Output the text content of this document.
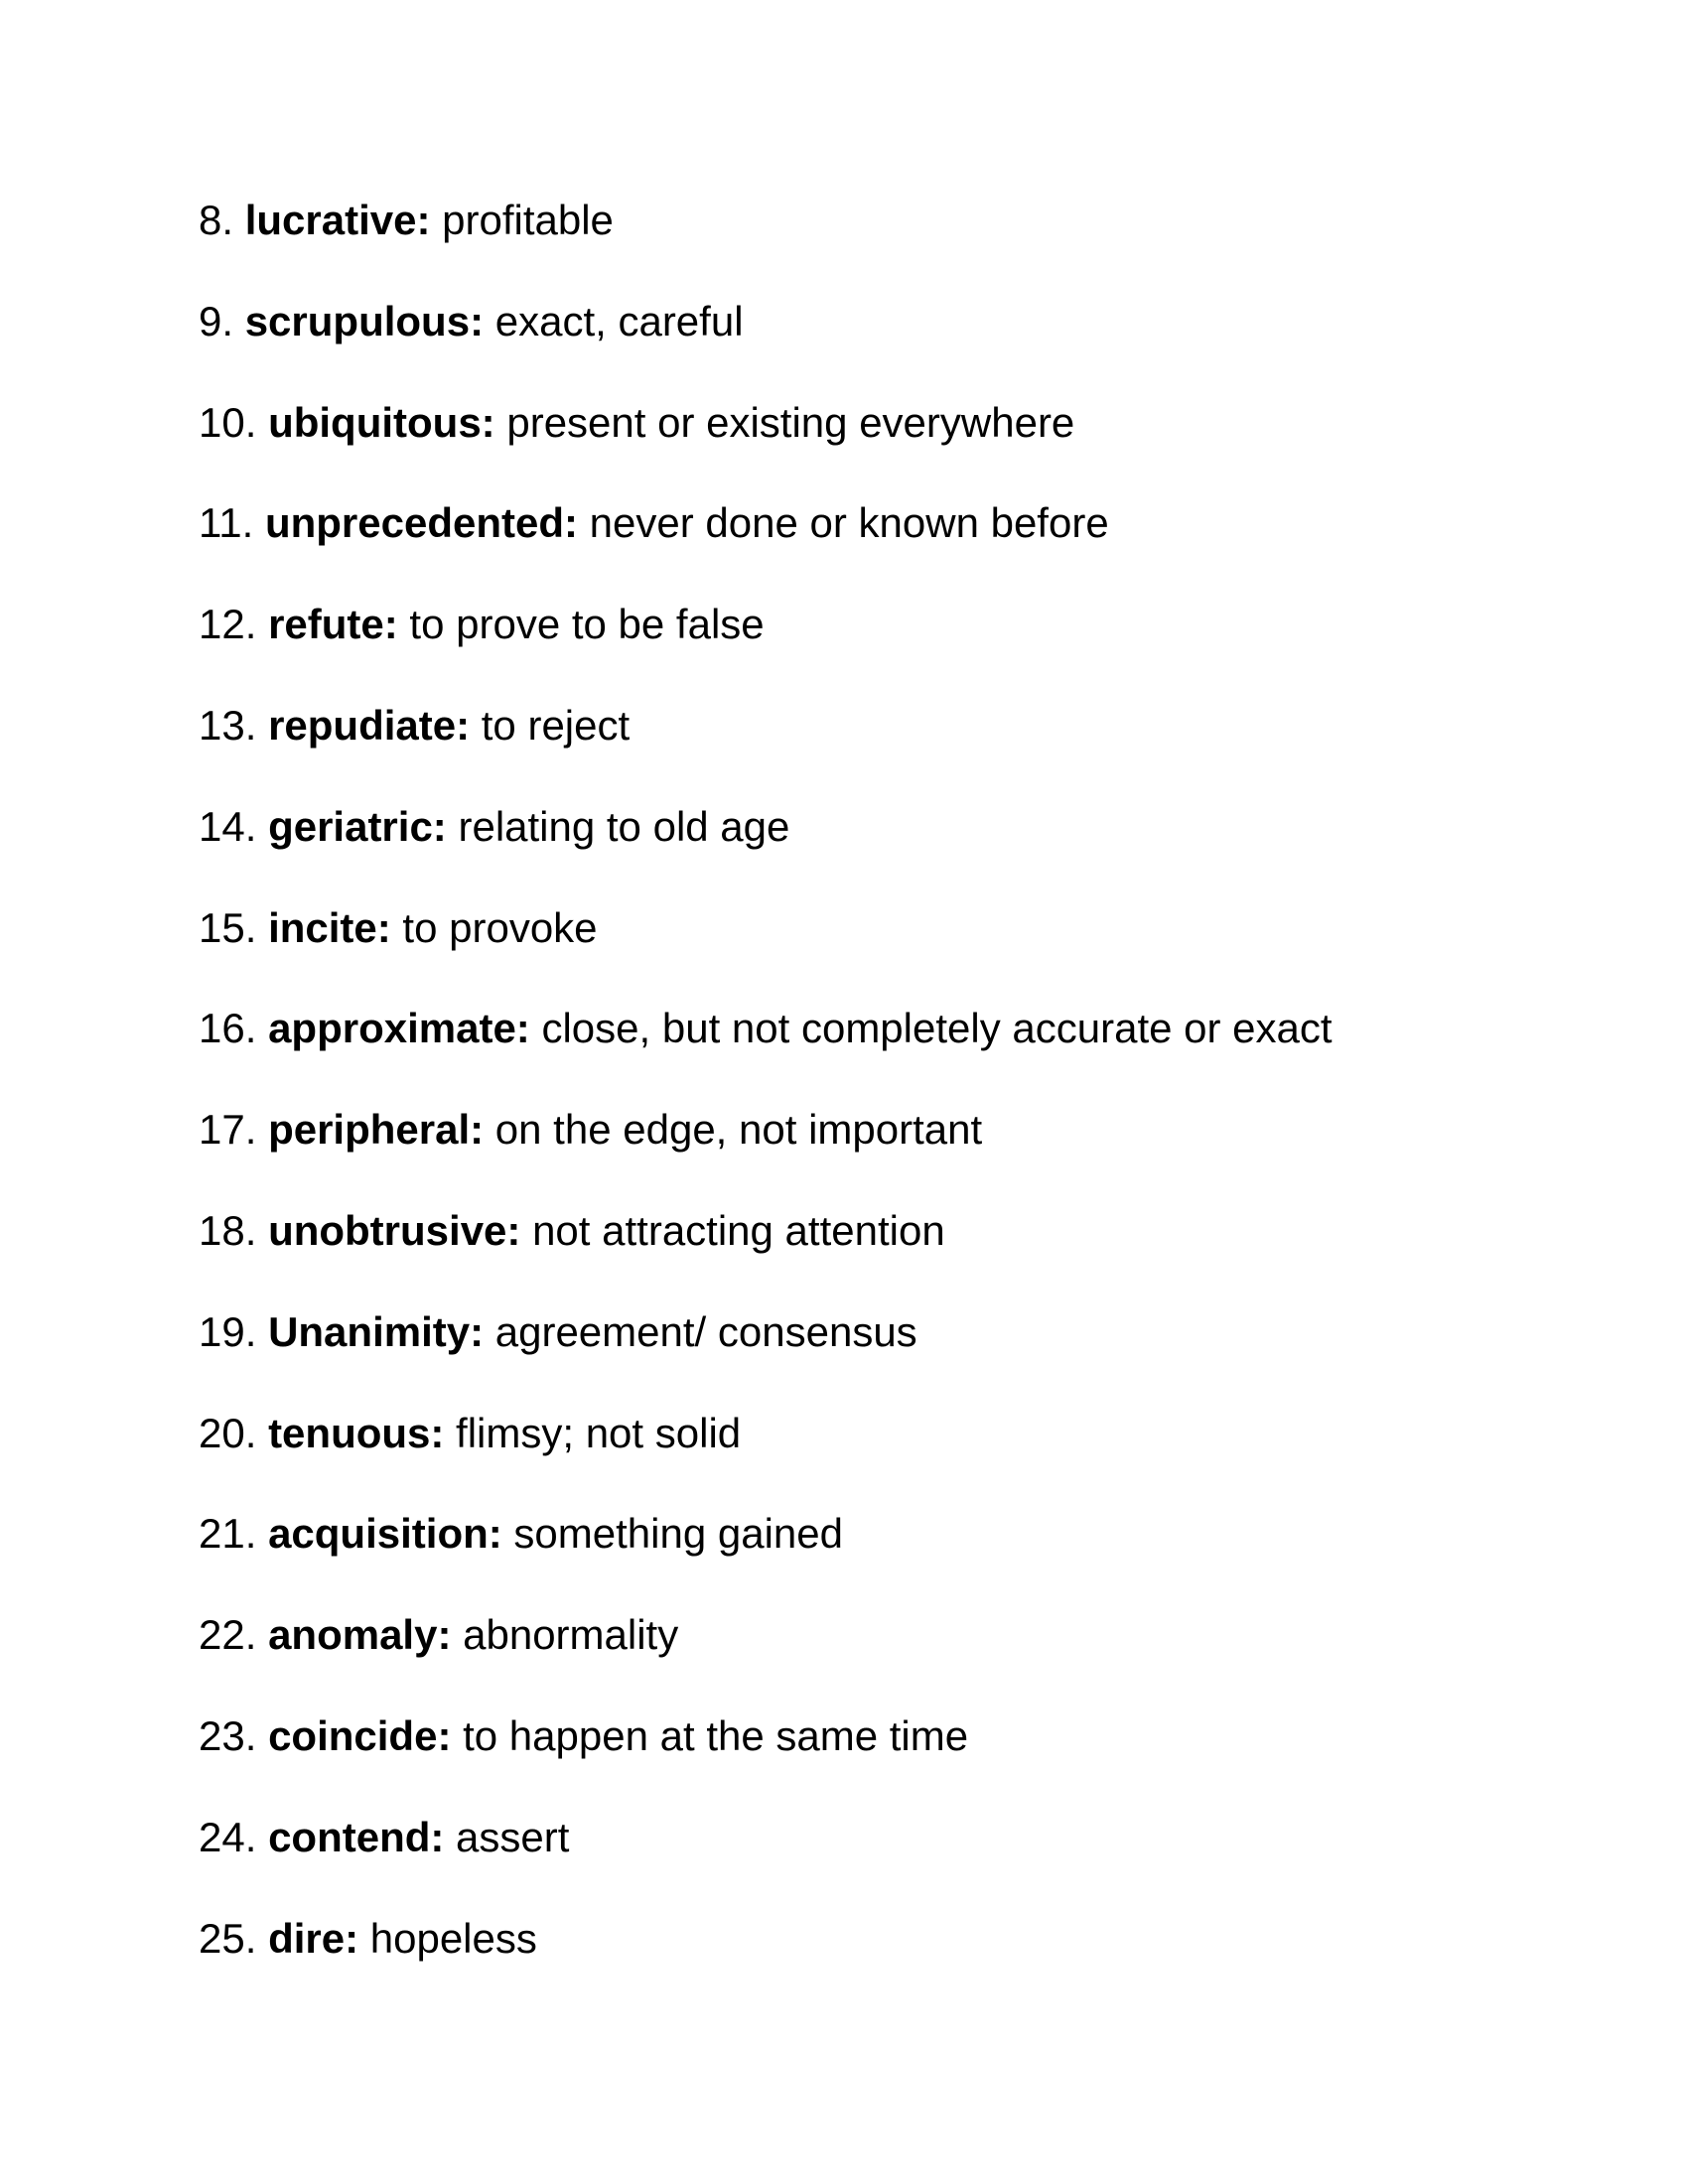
8. lucrative: profitable
9. scrupulous: exact, careful
10. ubiquitous: present or existing everywhere
11. unprecedented: never done or known before
12. refute: to prove to be false
13. repudiate: to reject
14. geriatric: relating to old age
15. incite: to provoke
16. approximate: close, but not completely accurate or exact
17. peripheral: on the edge, not important
18. unobtrusive: not attracting attention
19. Unanimity: agreement/ consensus
20. tenuous: flimsy; not solid
21. acquisition: something gained
22. anomaly: abnormality
23. coincide: to happen at the same time
24. contend: assert
25. dire: hopeless
